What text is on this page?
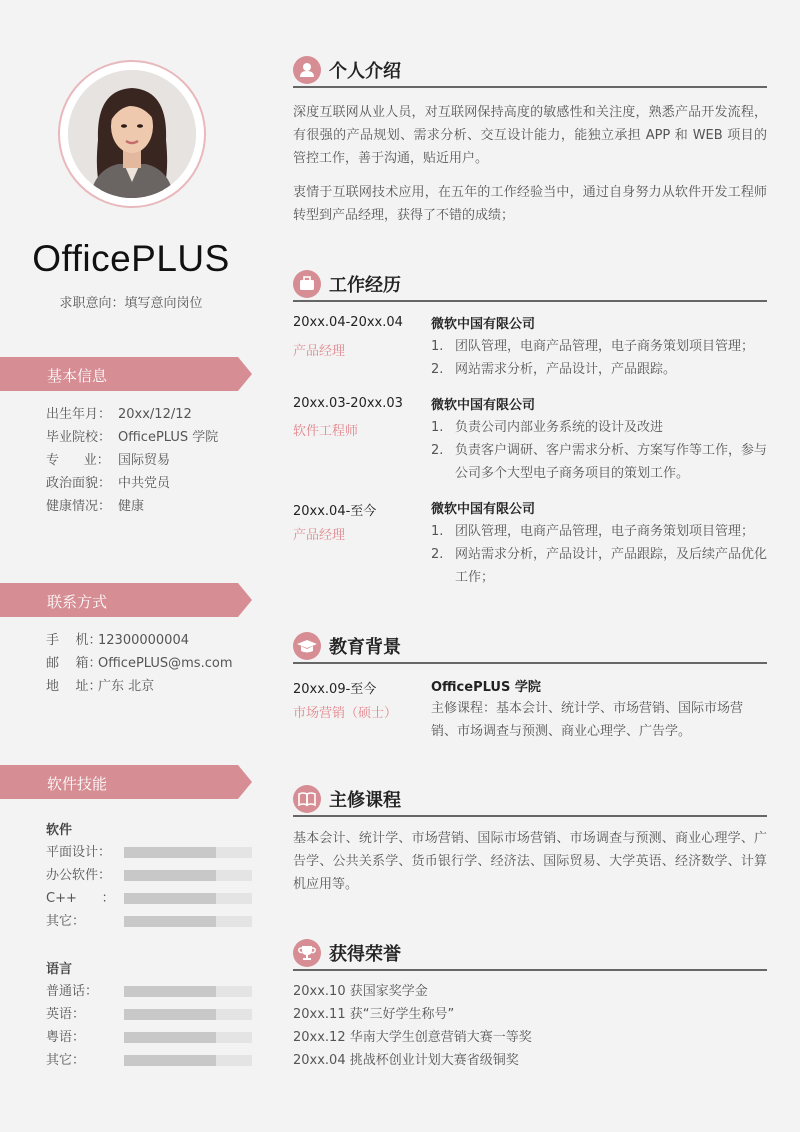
OfficePLUS
求职意向：填写意向岗位
基本信息
出生年月： 20xx/12/12
毕业院校： OfficePLUS 学院
专      业： 国际贸易
政治面貌： 中共党员
健康情况： 健康
联系方式
手    机：12300000004
邮    箱：OfficePLUS@ms.com
地    址：广东 北京
软件技能
软件
平面设计：
办公软件：
C++      ：
其它：
语言
普通话：
英语：
粤语：
其它：
个人介绍
深度互联网从业人员，对互联网保持高度的敏感性和关注度，熟悉产品开发流程，有很强的产品规划、需求分析、交互设计能力，能独立承担 APP 和 WEB 项目的管控工作，善于沟通，贴近用户。
衷情于互联网技术应用，在五年的工作经验当中，通过自身努力从软件开发工程师转型到产品经理，获得了不错的成绩；
工作经历
20xx.04-20xx.04
产品经理
微软中国有限公司
1. 团队管理，电商产品管理，电子商务策划项目管理；
2. 网站需求分析，产品设计，产品跟踪。
20xx.03-20xx.03
软件工程师
微软中国有限公司
1. 负责公司内部业务系统的设计及改进
2. 负责客户调研、客户需求分析、方案写作等工作，参与公司多个大型电子商务项目的策划工作。
20xx.04-至今
产品经理
微软中国有限公司
1. 团队管理，电商产品管理，电子商务策划项目管理；
2. 网站需求分析，产品设计，产品跟踪，及后续产品优化工作；
教育背景
20xx.09-至今
市场营销（硕士）
OfficePLUS 学院
主修课程：基本会计、统计学、市场营销、国际市场营销、市场调查与预测、商业心理学、广告学。
主修课程
基本会计、统计学、市场营销、国际市场营销、市场调查与预测、商业心理学、广告学、公共关系学、货币银行学、经济法、国际贸易、大学英语、经济数学、计算机应用等。
获得荣誉
20xx.10 获国家奖学金
20xx.11 获“三好学生称号”
20xx.12 华南大学生创意营销大赛一等奖
20xx.04 挑战杯创业计划大赛省级铜奖
